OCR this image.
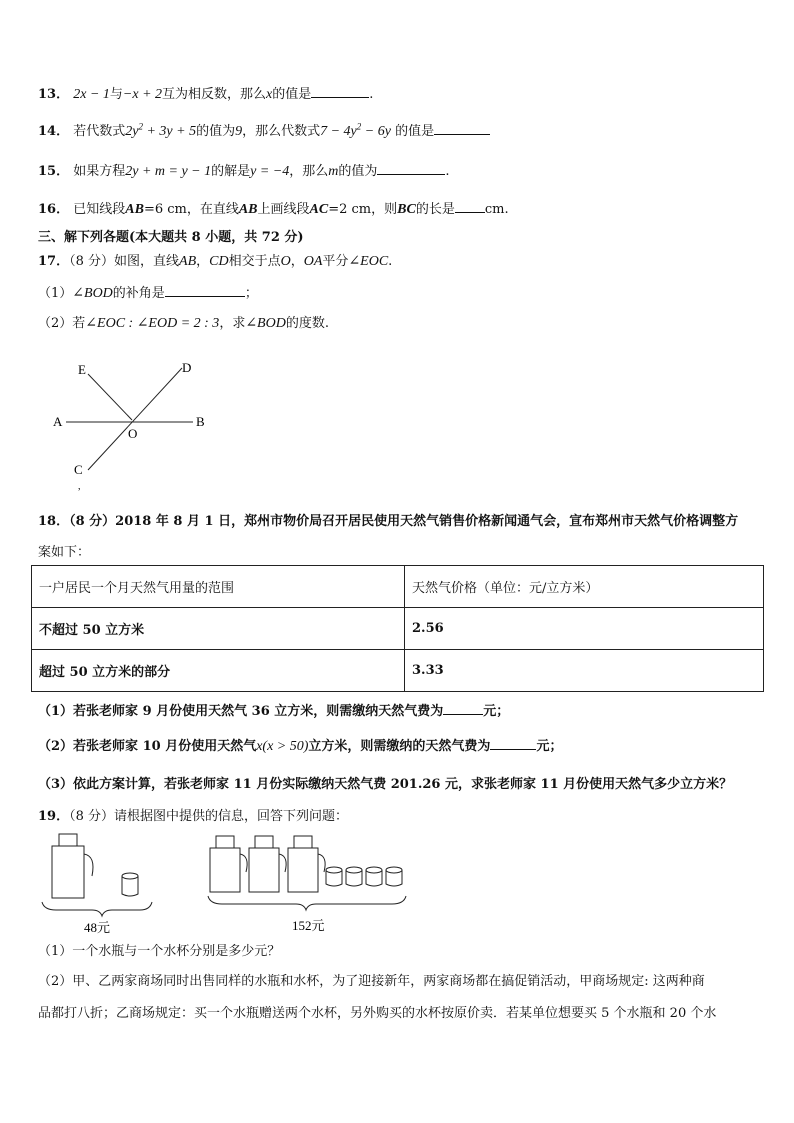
13． 2x − 1与−x + 2互为相反数，那么x的值是	.
14． 若代数式$2y^2 + 3y + 5$的值为9，那么代数式$7 - 4y^2 - 6y$ 的值是
15． 如果方程2y + m = y − 1的解是y = −4，那么m的值为	.
16． 已知线段AB=6 cm，在直线AB上画线段AC=2 cm，则BC的长是 cm.
三、解下列各题(本大题共 8 小题，共 72 分)
17．（8 分）如图，直线AB，CD相交于点O，OA平分∠EOC.
（1）∠BOD的补角是	；
（2）若∠EOC : ∠EOD = 2 : 3，求∠BOD的度数.
E	D
A	B
O
C
,
18．（8 分）2018 年 8 月 1 日，郑州市物价局召开居民使用天然气销售价格新闻通气会，宣布郑州市天然气价格调整方
案如下：
一户居民一个月天然气用量的范围	天然气价格（单位：元/立方米）
不超过 50 立方米	2.56
超过 50 立方米的部分	3.33
（1）若张老师家 9 月份使用天然气 36 立方米，则需缴纳天然气费为	元；
（2）若张老师家 10 月份使用天然气x(x > 50)立方米，则需缴纳的天然气费为	元；
（3）依此方案计算，若张老师家 11 月份实际缴纳天然气费 201.26 元，求张老师家 11 月份使用天然气多少立方米？
19．（8 分）请根据图中提供的信息，回答下列问题：
48元	152元
（1）一个水瓶与一个水杯分别是多少元？
（2）甲、乙两家商场同时出售同样的水瓶和水杯，为了迎接新年，两家商场都在搞促销活动，甲商场规定: 这两种商
品都打八折；乙商场规定：买一个水瓶赠送两个水杯，另外购买的水杯按原价卖．若某单位想要买 5 个水瓶和 20 个水
